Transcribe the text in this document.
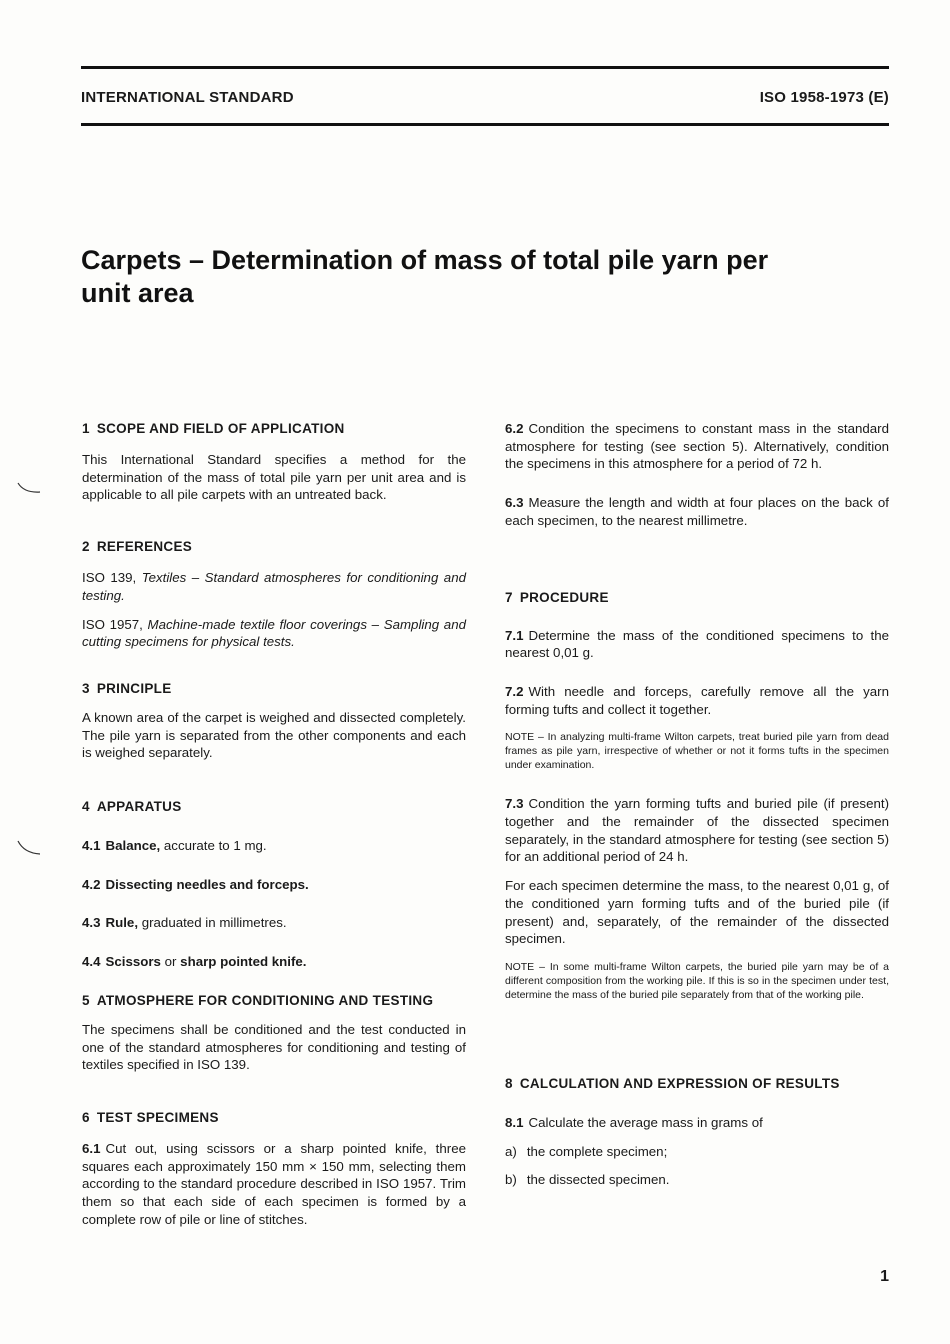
INTERNATIONAL STANDARD	ISO 1958-1973 (E)
Carpets – Determination of mass of total pile yarn per
unit area
1 SCOPE AND FIELD OF APPLICATION

This International Standard specifies a method for the determination of the mass of total pile yarn per unit area and is applicable to all pile carpets with an untreated back.

2 REFERENCES

ISO 139, Textiles – Standard atmospheres for conditioning and testing.

ISO 1957, Machine-made textile floor coverings – Sampling and cutting specimens for physical tests.

3 PRINCIPLE

A known area of the carpet is weighed and dissected completely. The pile yarn is separated from the other components and each is weighed separately.

4 APPARATUS

4.1 Balance, accurate to 1 mg.

4.2 Dissecting needles and forceps.

4.3 Rule, graduated in millimetres.

4.4 Scissors or sharp pointed knife.

5 ATMOSPHERE FOR CONDITIONING AND TESTING

The specimens shall be conditioned and the test conducted in one of the standard atmospheres for conditioning and testing of textiles specified in ISO 139.

6 TEST SPECIMENS

6.1 Cut out, using scissors or a sharp pointed knife, three squares each approximately 150 mm × 150 mm, selecting them according to the standard procedure described in ISO 1957. Trim them so that each side of each specimen is formed by a complete row of pile or line of stitches.

6.2 Condition the specimens to constant mass in the standard atmosphere for testing (see section 5). Alternatively, condition the specimens in this atmosphere for a period of 72 h.

6.3 Measure the length and width at four places on the back of each specimen, to the nearest millimetre.

7 PROCEDURE

7.1 Determine the mass of the conditioned specimens to the nearest 0,01 g.

7.2 With needle and forceps, carefully remove all the yarn forming tufts and collect it together.

NOTE – In analyzing multi-frame Wilton carpets, treat buried pile yarn from dead frames as pile yarn, irrespective of whether or not it forms tufts in the specimen under examination.

7.3 Condition the yarn forming tufts and buried pile (if present) together and the remainder of the dissected specimen separately, in the standard atmosphere for testing (see section 5) for an additional period of 24 h.

For each specimen determine the mass, to the nearest 0,01 g, of the conditioned yarn forming tufts and of the buried pile (if present) and, separately, of the remainder of the dissected specimen.

NOTE – In some multi-frame Wilton carpets, the buried pile yarn may be of a different composition from the working pile. If this is so in the specimen under test, determine the mass of the buried pile separately from that of the working pile.

8 CALCULATION AND EXPRESSION OF RESULTS

8.1 Calculate the average mass in grams of

a) the complete specimen;

b) the dissected specimen.

1
